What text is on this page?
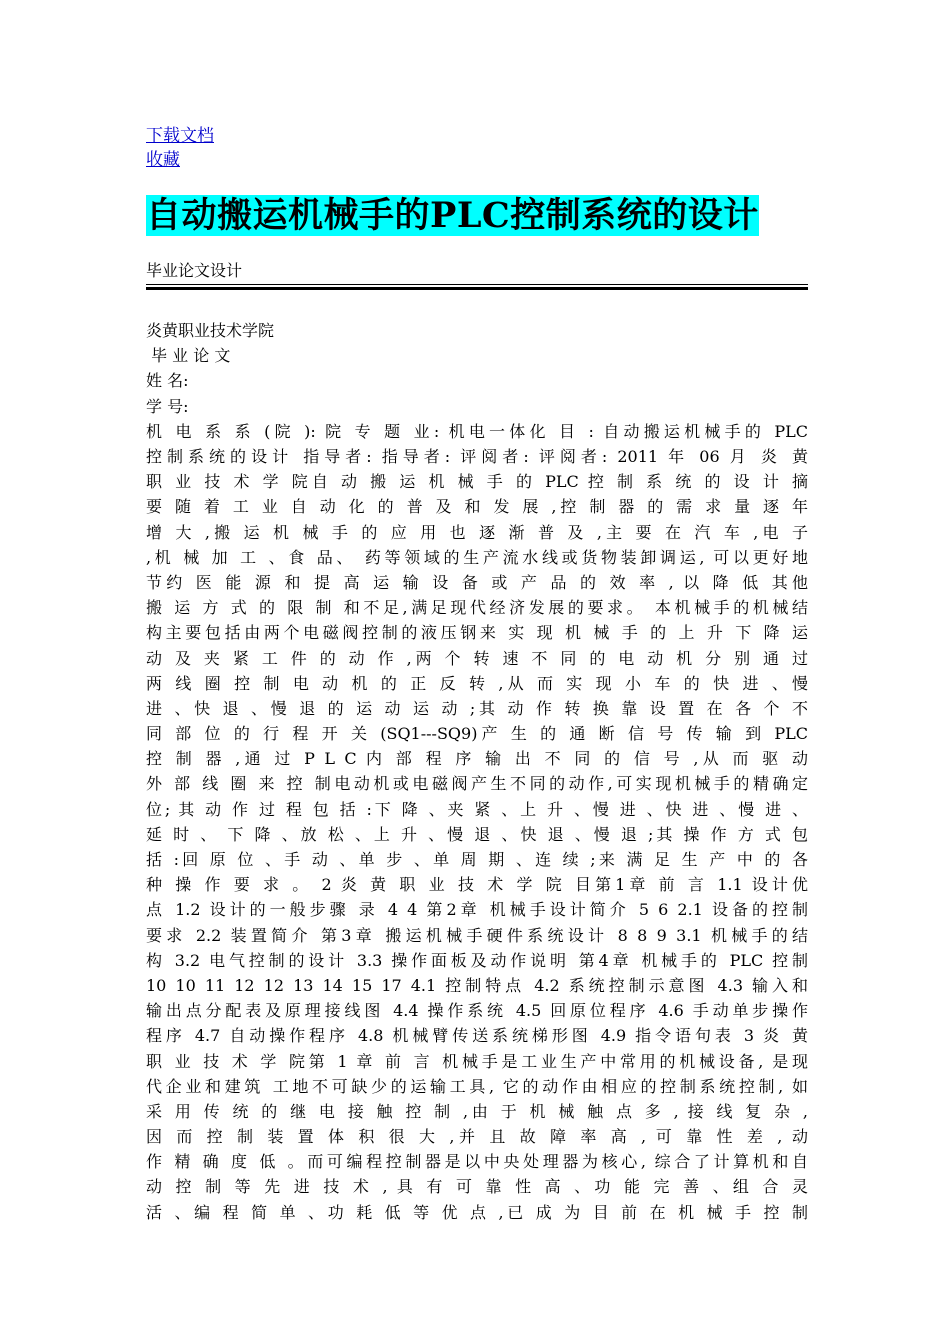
下载文档
收藏
自动搬运机械手的PLC控制系统的设计
毕业论文设计
炎黄职业技术学院
毕 业 论 文
姓 名:
学 号:
机 电 系 系 (院 ): 院 专 题 业: 机电一体化 目 : 自动搬运机械手的 PLC
控制系统的设计 指导者: 指导者: 评阅者: 评阅者: 2011 年 06 月 炎 黄
职 业 技 术 学 院自 动 搬 运 机 械 手 的 PLC 控 制 系 统 的 设 计 摘
要 随 着 工 业 自 动 化 的 普 及 和 发 展 ,控 制 器 的 需 求 量 逐 年
增 大 ,搬 运 机 械 手 的 应 用 也 逐 渐 普 及 ,主 要 在 汽 车 ,电 子
,机 械 加 工 、食 品、 药等领域的生产流水线或货物装卸调运, 可以更好地
节约 医 能 源 和 提 高 运 输 设 备 或 产 品 的 效 率 , 以 降 低 其他
搬 运 方 式 的 限 制 和不足,满足现代经济发展的要求。 本机械手的机械结
构主要包括由两个电磁阀控制的液压钢来 实 现 机 械 手 的 上 升 下 降 运
动 及 夹 紧 工 件 的 动 作 ,两 个 转 速 不 同 的 电 动 机 分 别 通 过
两 线 圈 控 制 电 动 机 的 正 反 转 ,从 而 实 现 小 车 的 快 进 、慢
进 、快 退 、慢 退 的 运 动 运 动 ;其 动 作 转 换 靠 设 置 在 各 个 不
同 部 位 的 行 程 开 关 (SQ1---SQ9)产 生 的 通 断 信 号 传 输 到 PLC
控 制 器 ,通 过 P L C 内 部 程 序 输 出 不 同 的 信 号 ,从 而 驱 动
外 部 线 圈 来 控 制电动机或电磁阀产生不同的动作,可实现机械手的精确定
位; 其 动 作 过 程 包 括 :下 降 、夹 紧 、上 升 、慢 进 、快 进 、慢 进 、
延 时 、 下 降 、放 松 、上 升 、慢 退 、快 退 、慢 退 ;其 操 作 方 式 包
括 :回 原 位 、手 动 、单 步 、单 周 期 、连 续 ;来 满 足 生 产 中 的 各
种 操 作 要 求 。 2 炎 黄 职 业 技 术 学 院 目第1章 前 言 1.1 设计优
点 1.2 设计的一般步骤 录 4 4 第2章 机械手设计简介 5 6 2.1 设备的控制
要求 2.2 装置简介 第3章 搬运机械手硬件系统设计 8 8 9 3.1 机械手的结
构 3.2 电气控制的设计 3.3 操作面板及动作说明 第4章 机械手的 PLC 控制
10 10 11 12 12 13 14 15 17 4.1 控制特点 4.2 系统控制示意图 4.3 输入和
输出点分配表及原理接线图 4.4 操作系统 4.5 回原位程序 4.6 手动单步操作
程序 4.7 自动操作程序 4.8 机械臂传送系统梯形图 4.9 指令语句表 3 炎 黄
职 业 技 术 学 院第 1 章 前 言 机械手是工业生产中常用的机械设备, 是现
代企业和建筑 工地不可缺少的运输工具, 它的动作由相应的控制系统控制, 如
采 用 传 统 的 继 电 接 触 控 制 ,由 于 机 械 触 点 多 , 接 线 复 杂 ,
因 而 控 制 装 置 体 积 很 大 ,并 且 故 障 率 高 , 可 靠 性 差 , 动
作 精 确 度 低 。而可编程控制器是以中央处理器为核心, 综合了计算机和自
动 控 制 等 先 进 技 术 , 具 有 可 靠 性 高 、功 能 完 善 、组 合 灵
活 、编 程 简 单 、功 耗 低 等 优 点 ,已 成 为 目 前 在 机 械 手 控 制
